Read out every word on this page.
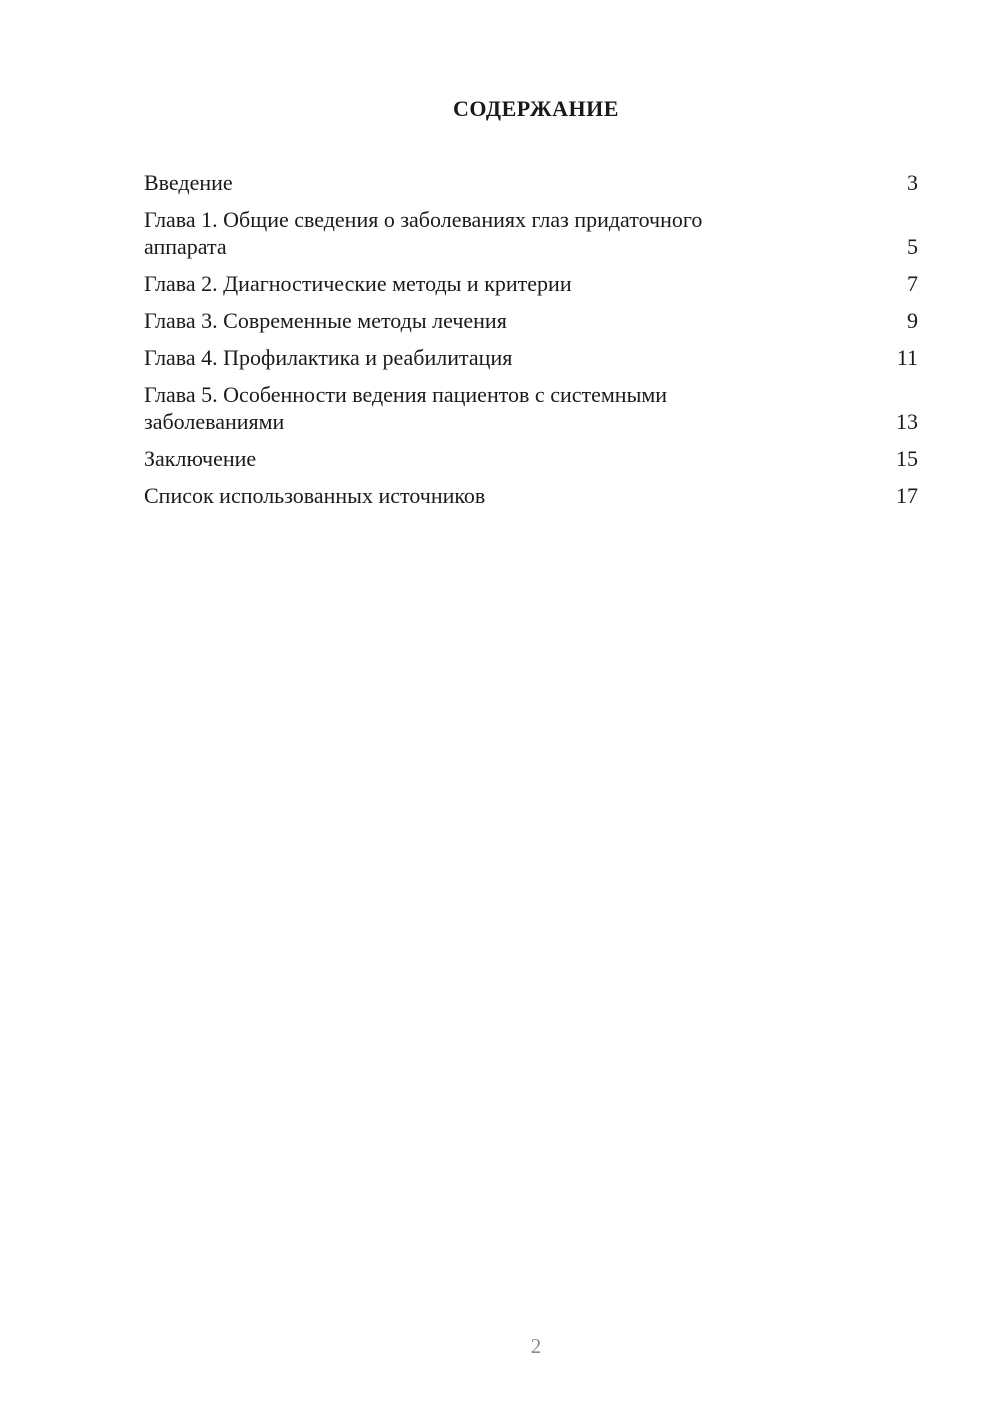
СОДЕРЖАНИЕ
Введение	3
Глава 1. Общие сведения о заболеваниях глаз придаточного аппарата	5
Глава 2. Диагностические методы и критерии	7
Глава 3. Современные методы лечения	9
Глава 4. Профилактика и реабилитация	11
Глава 5. Особенности ведения пациентов с системными заболеваниями	13
Заключение	15
Список использованных источников	17
2
